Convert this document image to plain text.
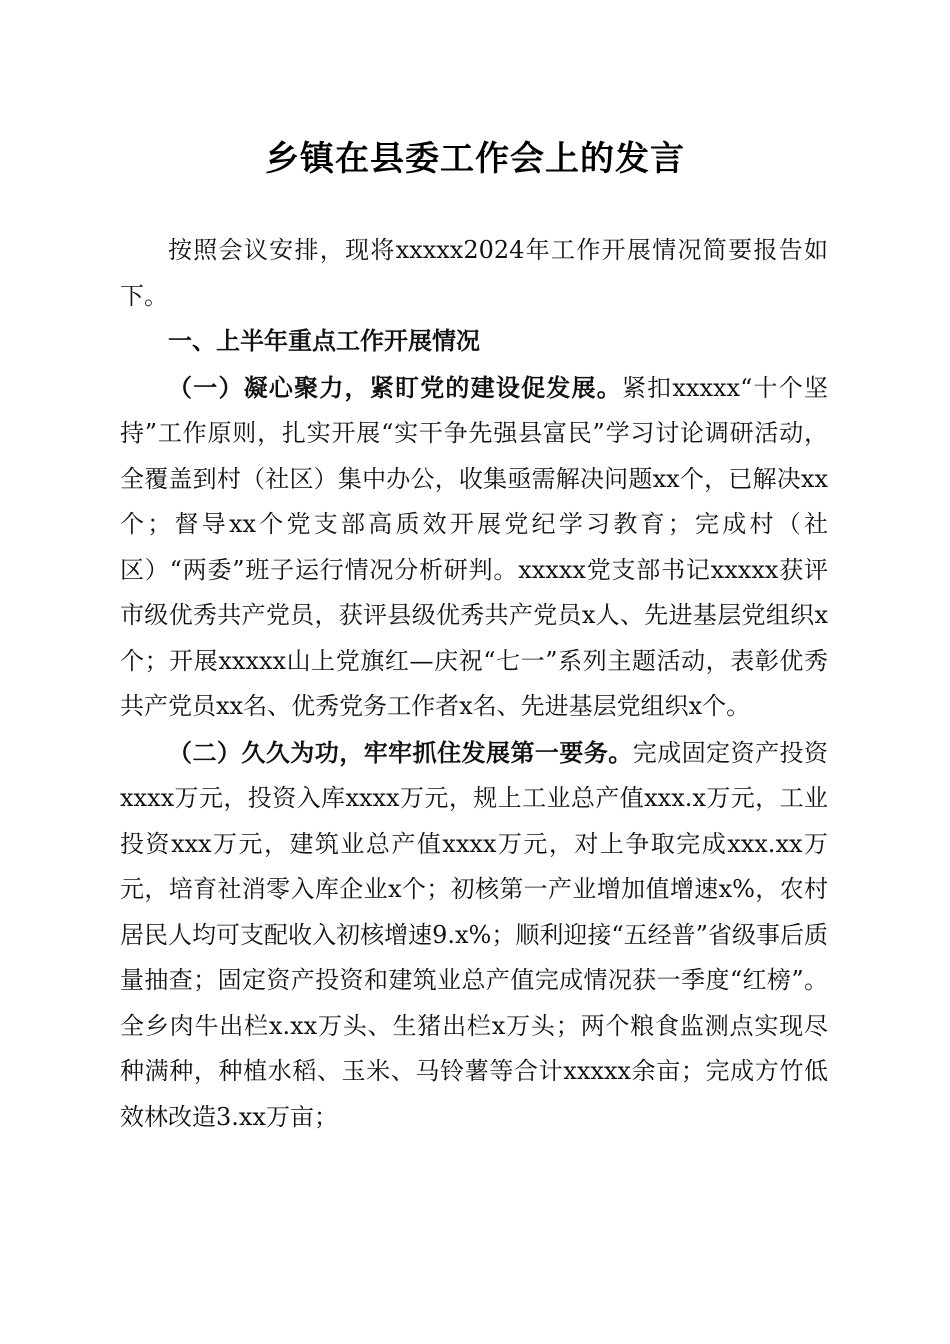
乡镇在县委工作会上的发言

按照会议安排，现将xxxxx2024年工作开展情况简要报告如下。

一、上半年重点工作开展情况

（一）凝心聚力，紧盯党的建设促发展。紧扣xxxxx“十个坚持”工作原则，扎实开展“实干争先强县富民”学习讨论调研活动，全覆盖到村（社区）集中办公，收集亟需解决问题xx个，已解决xx个；督导xx个党支部高质效开展党纪学习教育；完成村（社区）“两委”班子运行情况分析研判。xxxxx党支部书记xxxxx获评市级优秀共产党员，获评县级优秀共产党员x人、先进基层党组织x个；开展xxxxx山上党旗红—庆祝“七一”系列主题活动，表彰优秀共产党员xx名、优秀党务工作者x名、先进基层党组织x个。

（二）久久为功，牢牢抓住发展第一要务。完成固定资产投资xxxx万元，投资入库xxxx万元，规上工业总产值xxx.x万元，工业投资xxx万元，建筑业总产值xxxx万元，对上争取完成xxx.xx万元，培育社消零入库企业x个；初核第一产业增加值增速x%，农村居民人均可支配收入初核增速9.x%；顺利迎接“五经普”省级事后质量抽查；固定资产投资和建筑业总产值完成情况获一季度“红榜”。全乡肉牛出栏x.xx万头、生猪出栏x万头；两个粮食监测点实现尽种满种，种植水稻、玉米、马铃薯等合计xxxxx余亩；完成方竹低效林改造3.xx万亩；
